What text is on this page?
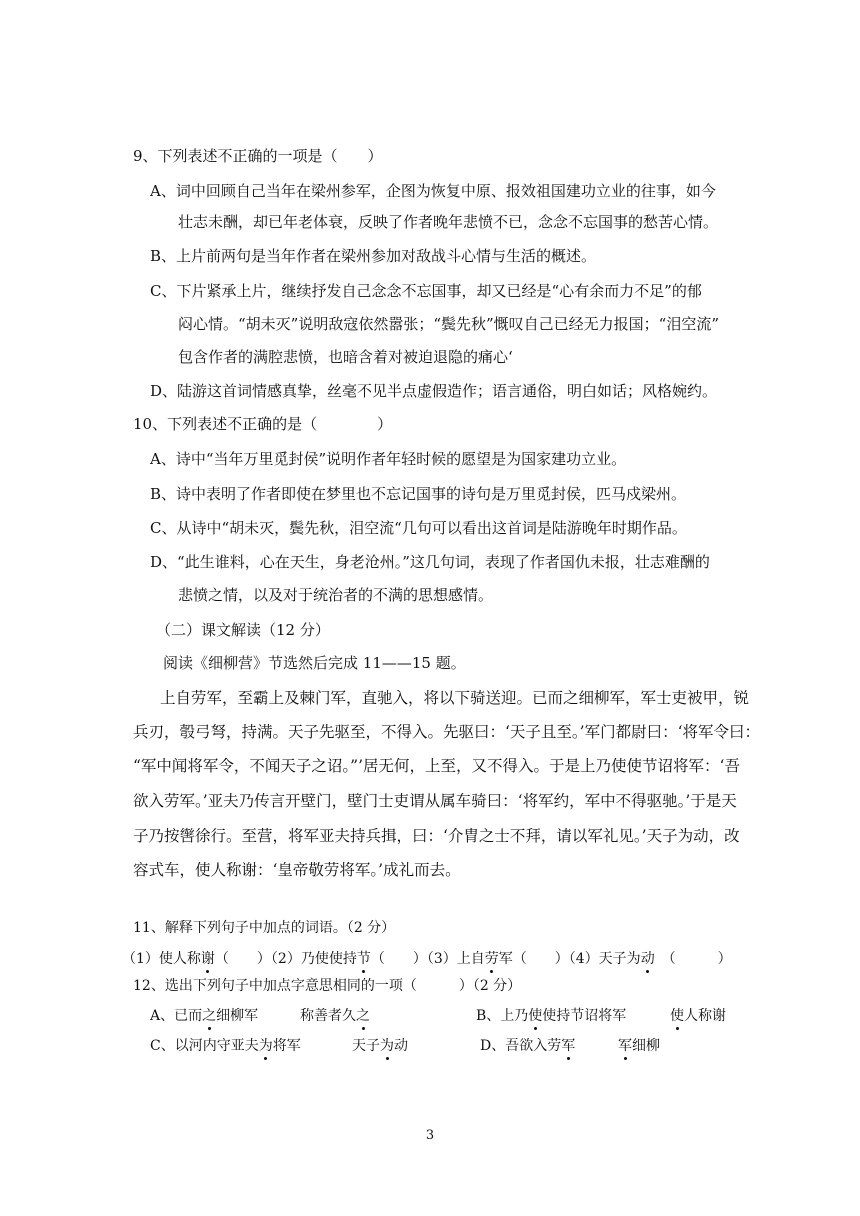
9、下列表述不正确的一项是（　　）
A、词中回顾自己当年在梁州参军，企图为恢复中原、报效祖国建功立业的往事，如今
壮志未酬，却已年老体衰，反映了作者晚年悲愤不已，念念不忘国事的愁苦心情。
B、上片前两句是当年作者在梁州参加对敌战斗心情与生活的概述。
C、下片紧承上片，继续抒发自己念念不忘国事，却又已经是“心有余而力不足”的郁
闷心情。“胡未灭”说明敌寇依然嚣张；“鬓先秋”慨叹自己已经无力报国；“泪空流”
包含作者的满腔悲愤，也暗含着对被迫退隐的痛心‘
D、陆游这首词情感真挚，丝毫不见半点虚假造作；语言通俗，明白如话；风格婉约。
10、下列表述不正确的是（　　　　）
A、诗中“当年万里觅封侯”说明作者年轻时候的愿望是为国家建功立业。
B、诗中表明了作者即使在梦里也不忘记国事的诗句是万里觅封侯，匹马戍梁州。
C、从诗中“胡未灭，鬓先秋，泪空流“几句可以看出这首词是陆游晚年时期作品。
D、“此生谁料，心在天生，身老沧州。”这几句词，表现了作者国仇未报，壮志难酬的
悲愤之情，以及对于统治者的不满的思想感情。
（二）课文解读（12 分）
阅读《细柳营》节选然后完成 11——15 题。
上自劳军，至霸上及棘门军，直驰入，将以下骑送迎。已而之细柳军，军士吏被甲，锐
兵刃，彀弓弩，持满。天子先驱至，不得入。先驱曰：‘天子且至。’军门都尉曰：‘将军令曰：
“军中闻将军令，不闻天子之诏。”’居无何，上至，又不得入。于是上乃使使节诏将军：‘吾
欲入劳军。’亚夫乃传言开壁门，壁门士吏谓从属车骑曰：‘将军约，军中不得驱驰。’于是天
子乃按辔徐行。至营，将军亚夫持兵揖，曰：‘介胄之士不拜，请以军礼见。’天子为动，改
容式车，使人称谢：‘皇帝敬劳将军。’成礼而去。
11、解释下列句子中加点的词语。（2 分）
（1）使人称谢（　　）（2）乃使使持节（　　）（3）上自劳军（　　）（4）天子为动　（　　　）
12、选出下列句子中加点字意思相同的一项（　　　）（2 分）
A、已而之细柳军	称善者久之	B、上乃使使持节诏将军	使人称谢
C、以河内守亚夫为将军	天子为动	D、吾欲入劳军	军细柳
3
